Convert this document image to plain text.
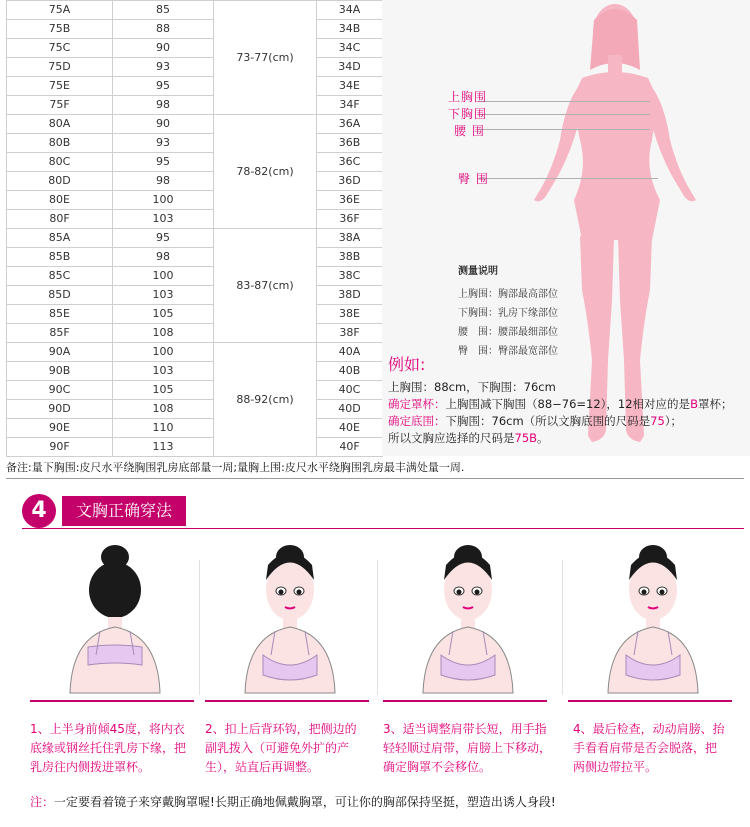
75A	85	73-77(cm)	34A
75B	88		34B
75C	90		34C
75D	93		34D
75E	95		34E
75F	98		34F
80A	90	78-82(cm)	36A
80B	93		36B
80C	95		36C
80D	98		36D
80E	100		36E
80F	103		36F
85A	95	83-87(cm)	38A
85B	98		38B
85C	100		38C
85D	103		38D
85E	105		38E
85F	108		38F
90A	100	88-92(cm)	40A
90B	103		40B
90C	105		40C
90D	108		40D
90E	110		40E
90F	113		40F
上胸围
下胸围
腰 围
臀 围
测量说明
上胸围：胸部最高部位
下胸围：乳房下缘部位
腰　围：腰部最细部位
臀　围：臀部最宽部位
例如:
上胸围：88cm，下胸围：76cm
确定罩杯：上胸围减下胸围（88−76=12），12相对应的是B罩杯；
确定底围：下胸围：76cm（所以文胸底围的尺码是75）；
所以文胸应选择的尺码是75B。
备注:量下胸围:皮尺水平绕胸围乳房底部量一周;量胸上围:皮尺水平绕胸围乳房最丰满处量一周.
4	文胸正确穿法
1、上半身前倾45度，将内衣底缘或钢丝托住乳房下缘，把乳房往内侧拨进罩杯。
2、扣上后背环钩，把侧边的副乳拨入（可避免外扩的产生），站直后再调整。
3、适当调整肩带长短，用手指轻轻顺过肩带，肩膀上下移动，确定胸罩不会移位。
4、最后检查，动动肩膀、抬手看看肩带是否会脱落，把两侧边带拉平。
注：一定要看着镜子来穿戴胸罩喔!长期正确地佩戴胸罩，可让你的胸部保持坚挺，塑造出诱人身段!
